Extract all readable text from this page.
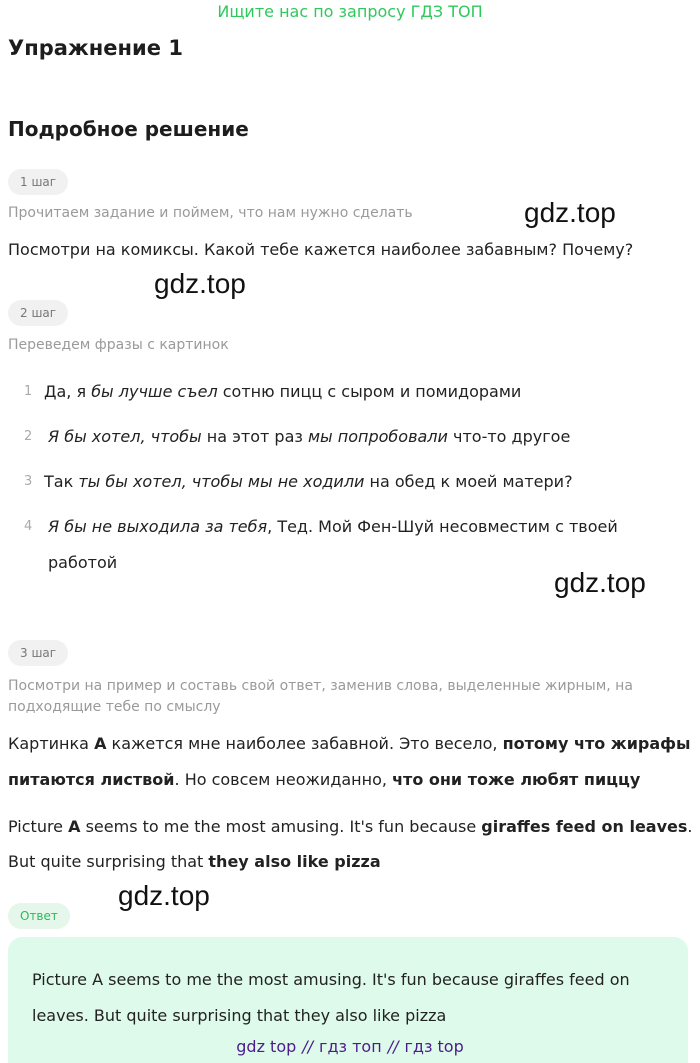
Ищите нас по запросу ГДЗ ТОП
Упражнение 1
Подробное решение
1 шаг
Прочитаем задание и поймем, что нам нужно сделать	gdz.top
Посмотри на комиксы. Какой тебе кажется наиболее забавным? Почему?
gdz.top
2 шаг
Переведем фразы с картинок
1 Да, я бы лучше съел сотню пицц с сыром и помидорами
2 Я бы хотел, чтобы на этот раз мы попробовали что-то другое
3 Так ты бы хотел, чтобы мы не ходили на обед к моей матери?
4 Я бы не выходила за тебя, Тед. Мой Фен-Шуй несовместим с твоей
работой
gdz.top
3 шаг
Посмотри на пример и составь свой ответ, заменив слова, выделенные жирным, на
подходящие тебе по смыслу
Картинка А кажется мне наиболее забавной. Это весело, потому что жирафы
питаются листвой. Но совсем неожиданно, что они тоже любят пиццу
Picture A seems to me the most amusing. It's fun because giraffes feed on leaves.
But quite surprising that they also like pizza
gdz.top
Ответ
Picture A seems to me the most amusing. It's fun because giraffes feed on
leaves. But quite surprising that they also like pizza
gdz top // гдз топ // гдз top
